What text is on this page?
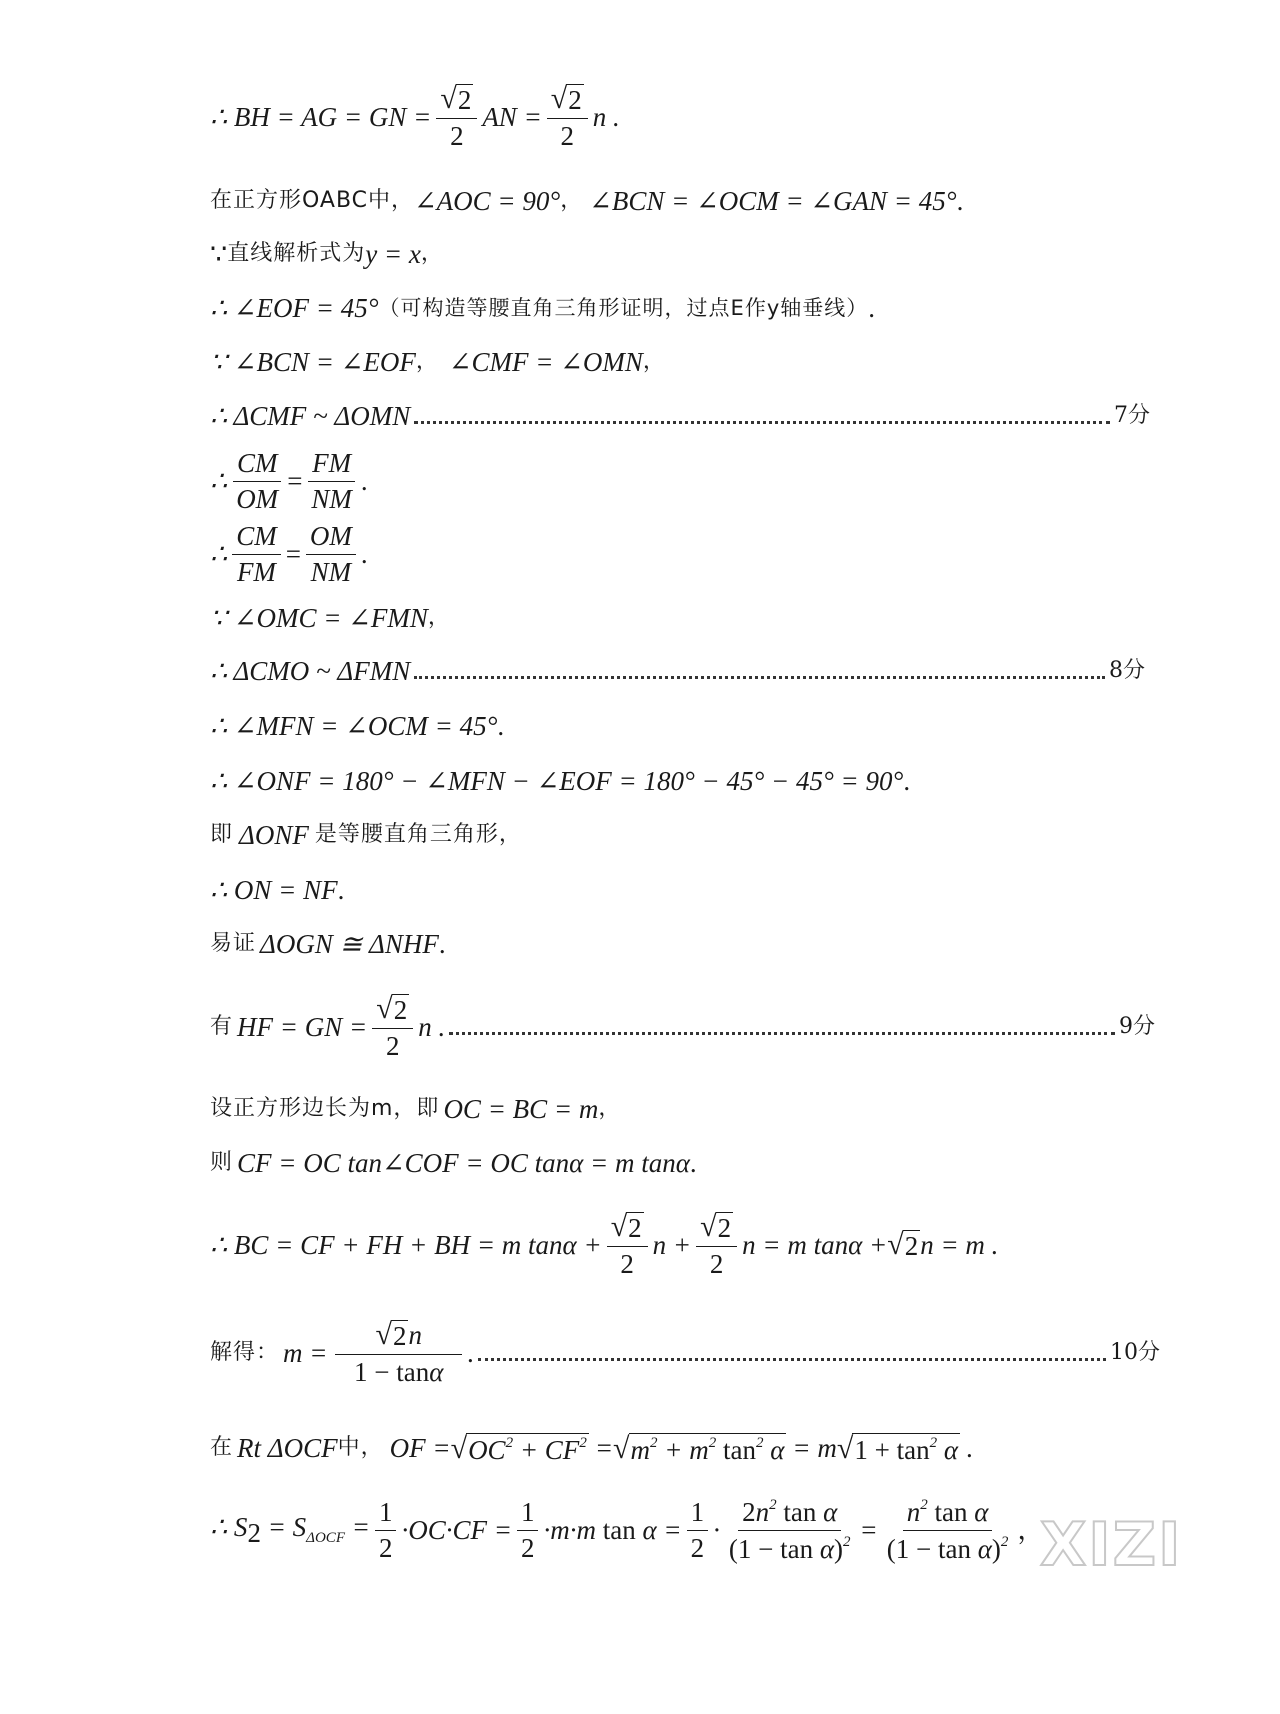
∴ BH = AG = GN = $\frac{√ 2}{2}$ AN = $\frac{√ 2}{2}$ n .
在正方形OABC中， ∠AOC = 90° ， ∠BCN = ∠OCM = ∠GAN = 45° .
∵ 直线解析式为 y = x ，
∴ ∠EOF = 45° （可构造等腰直角三角形证明，过点E作y轴垂线） .
∵ ∠BCN = ∠EOF ， ∠CMF = ∠OMN ，
∴ ΔCMF ~ ΔOMN	7分
∴ $\frac{CM}{OM} = \frac{FM}{NM}$ .
∴ $\frac{CM}{FM} = \frac{OM}{NM}$ .
∵ ∠OMC = ∠FMN ，
∴ ΔCMO ~ ΔFMN	8分
∴ ∠MFN = ∠OCM = 45° .
∴ ∠ONF = 180° − ∠MFN − ∠EOF = 180° − 45° − 45° = 90° .
即 ΔONF 是等腰直角三角形，
∴ ON = NF .
易证 ΔOGN ≅ ΔNHF .
有 HF = GN = $\frac{√ 2}{2}$ n .	9分
设正方形边长为m，即 OC = BC = m ，
则 CF = OC tan∠COF = OC tanα = m tanα .
∴ BC = CF + FH + BH = m $\tan\alpha + \frac{√ 2}{2}$ $n + \frac{√ 2}{2}$ n = m tanα + √ 2 n = m .
解得： $m = \frac{√ 2 n}{1 - \tan\alpha}$ .	10分
在 Rt ΔOCF 中， OF = √ $OC^2 + CF^2$ = √ $m^2 + m^2$ $\tan^2 \alpha = m$ √ $1 + \tan^2 \alpha$ .
∴ $S_2 = S_{\Delta OCF} = \frac{1}{2} \cdot OC\cdot CF = \frac{1}{2} \cdot m\cdot m$ $\tan \alpha = \frac{1}{2} \cdot \frac{2n^2 \tan \alpha}{(1 - \tan \alpha)^2} = \frac{n^2 \tan \alpha}{(1 - \tan \alpha)^2}$ ，
XIZI
